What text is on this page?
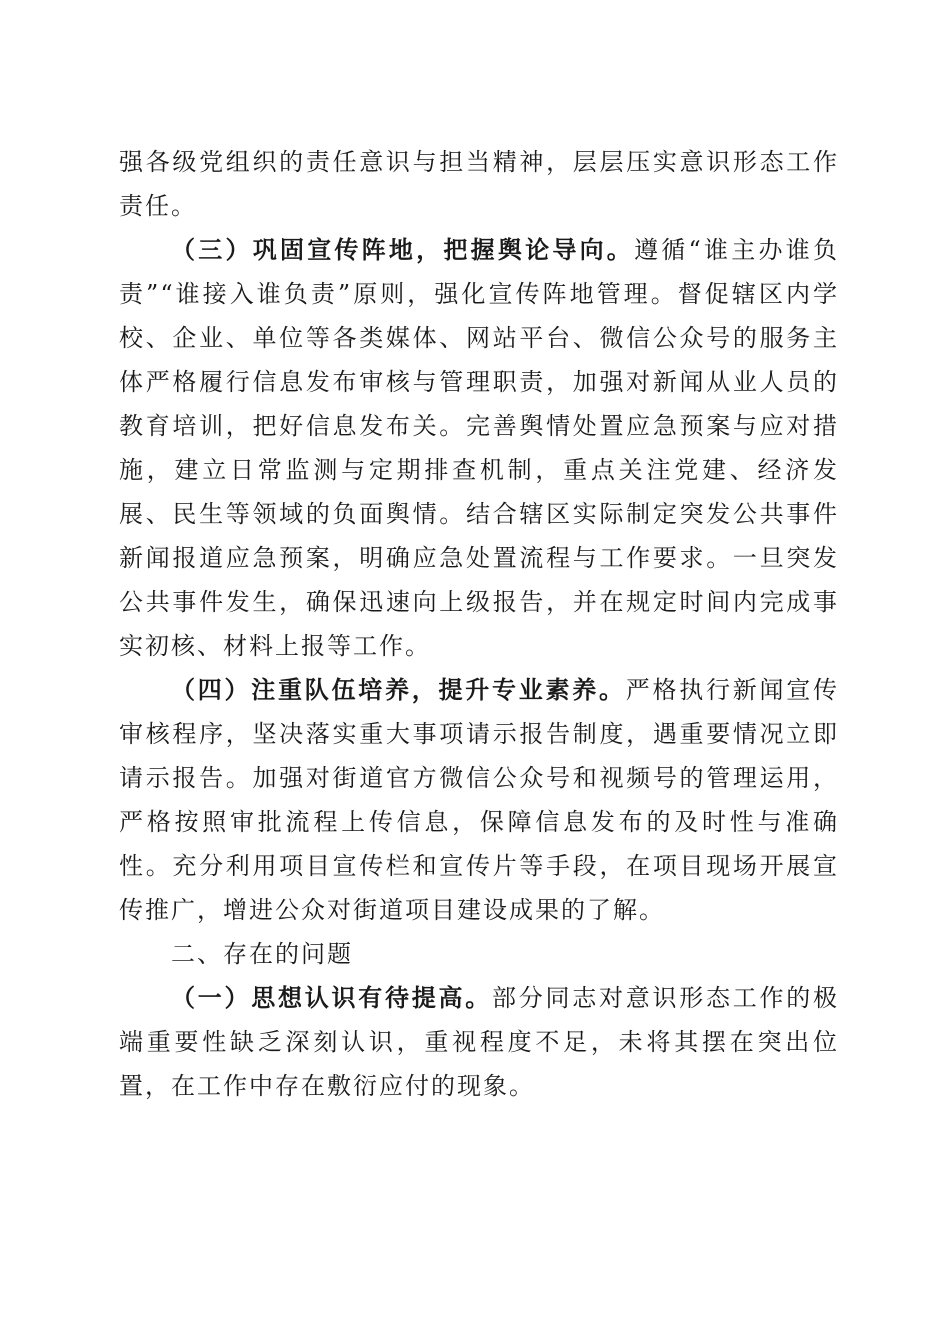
强各级党组织的责任意识与担当精神，层层压实意识形态工作责任。

（三）巩固宣传阵地，把握舆论导向。遵循“谁主办谁负责”“谁接入谁负责”原则，强化宣传阵地管理。督促辖区内学校、企业、单位等各类媒体、网站平台、微信公众号的服务主体严格履行信息发布审核与管理职责，加强对新闻从业人员的教育培训，把好信息发布关。完善舆情处置应急预案与应对措施，建立日常监测与定期排查机制，重点关注党建、经济发展、民生等领域的负面舆情。结合辖区实际制定突发公共事件新闻报道应急预案，明确应急处置流程与工作要求。一旦突发公共事件发生，确保迅速向上级报告，并在规定时间内完成事实初核、材料上报等工作。

（四）注重队伍培养，提升专业素养。严格执行新闻宣传审核程序，坚决落实重大事项请示报告制度，遇重要情况立即请示报告。加强对街道官方微信公众号和视频号的管理运用，严格按照审批流程上传信息，保障信息发布的及时性与准确性。充分利用项目宣传栏和宣传片等手段，在项目现场开展宣传推广，增进公众对街道项目建设成果的了解。

二、存在的问题

（一）思想认识有待提高。部分同志对意识形态工作的极端重要性缺乏深刻认识，重视程度不足，未将其摆在突出位置，在工作中存在敷衍应付的现象。
